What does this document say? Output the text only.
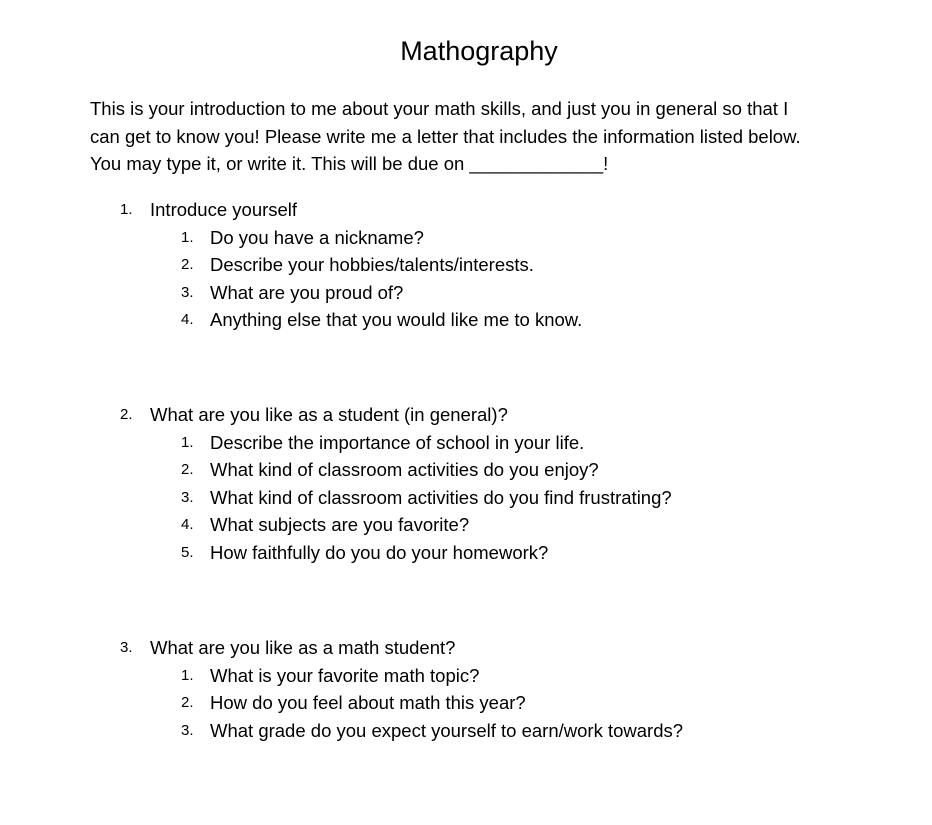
Mathography

This is your introduction to me about your math skills, and just you in general so that I

can get to know you! Please write me a letter that includes the information listed below.

You may type it, or write it. This will be due on _____________!

1. Introduce yourself
1. Do you have a nickname?
2. Describe your hobbies/talents/interests.
3. What are you proud of?
4. Anything else that you would like me to know.
2. What are you like as a student (in general)?
1. Describe the importance of school in your life.
2. What kind of classroom activities do you enjoy?
3. What kind of classroom activities do you find frustrating?
4. What subjects are you favorite?
5. How faithfully do you do your homework?
3. What are you like as a math student?
1. What is your favorite math topic?
2. How do you feel about math this year?
3. What grade do you expect yourself to earn/work towards?
